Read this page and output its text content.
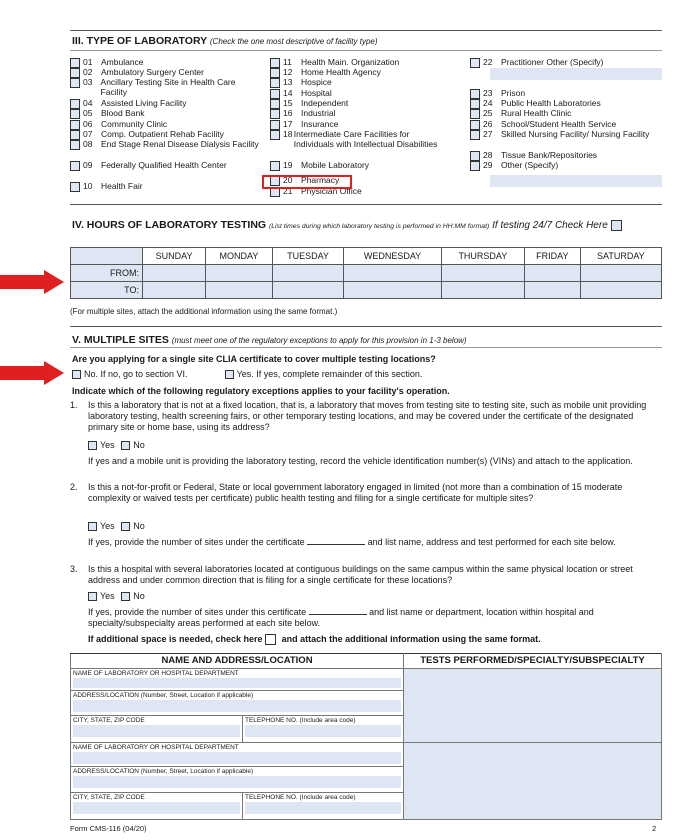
III. TYPE OF LABORATORY (Check the one most descriptive of facility type)
01	Ambulance
02	Ambulatory Surgery Center
03 Ancillary Testing Site in Health Care Facility
04	Assisted Living Facility
05	Blood Bank
06	Community Clinic
07	Comp. Outpatient Rehab Facility
08	End Stage Renal Disease Dialysis Facility
09	Federally Qualified Health Center
10	Health Fair
11	Health Main. Organization
12	Home Health Agency
13	Hospice
14	Hospital
15	Independent
16	Industrial
17	Insurance
18 Intermediate Care Facilities for Individuals with Intellectual Disabilities
19	Mobile Laboratory
20	Pharmacy
21	Physician Office
22	Practitioner Other (Specify)
23	Prison
24	Public Health Laboratories
25	Rural Health Clinic
26	School/Student Health Service
27	Skilled Nursing Facility/ Nursing Facility
28	Tissue Bank/Repositories
29	Other (Specify)
IV. HOURS OF LABORATORY TESTING (List times during which laboratory testing is performed in HH:MM format) If testing 24/7 Check Here
	SUNDAY	MONDAY	TUESDAY	WEDNESDAY	THURSDAY	FRIDAY	SATURDAY
FROM:							
TO:							
(For multiple sites, attach the additional information using the same format.)
V. MULTIPLE SITES (must meet one of the regulatory exceptions to apply for this provision in 1-3 below)
Are you applying for a single site CLIA certificate to cover multiple testing locations?
No. If no, go to section VI.	Yes. If yes, complete remainder of this section.
Indicate which of the following regulatory exceptions applies to your facility's operation.
1. Is this a laboratory that is not at a fixed location, that is, a laboratory that moves from testing site to testing site, such as mobile unit providing laboratory testing, health screening fairs, or other temporary testing locations, and may be covered under the certificate of the designated primary site or home base, using its address?
Yes No
If yes and a mobile unit is providing the laboratory testing, record the vehicle identification number(s) (VINs) and attach to the application.
2. Is this a not-for-profit or Federal, State or local government laboratory engaged in limited (not more than a combination of 15 moderate complexity or waived tests per certificate) public health testing and filing for a single certificate for multiple sites?
Yes No
If yes, provide the number of sites under the certificate	and list name, address and test performed for each site below.
3. Is this a hospital with several laboratories located at contiguous buildings on the same campus within the same physical location or street address and under common direction that is filing for a single certificate for these locations?
Yes No
If yes, provide the number of sites under this certificate	and list name or department, location within hospital and specialty/subspecialty areas performed at each site below.
If additional space is needed, check here and attach the additional information using the same format.
NAME AND ADDRESS/LOCATION		TESTS PERFORMED/SPECIALTY/SUBSPECIALTY
NAME OF LABORATORY OR HOSPITAL DEPARTMENT	

ADDRESS/LOCATION (Number, Street, Location if applicable)		

CITY, STATE, ZIP CODE	TELEPHONE NO. (Include area code)	

NAME OF LABORATORY OR HOSPITAL DEPARTMENT	

ADDRESS/LOCATION (Number, Street, Location if applicable)		

CITY, STATE, ZIP CODE	TELEPHONE NO. (Include area code)	
Form CMS-116 (04/20)	2
